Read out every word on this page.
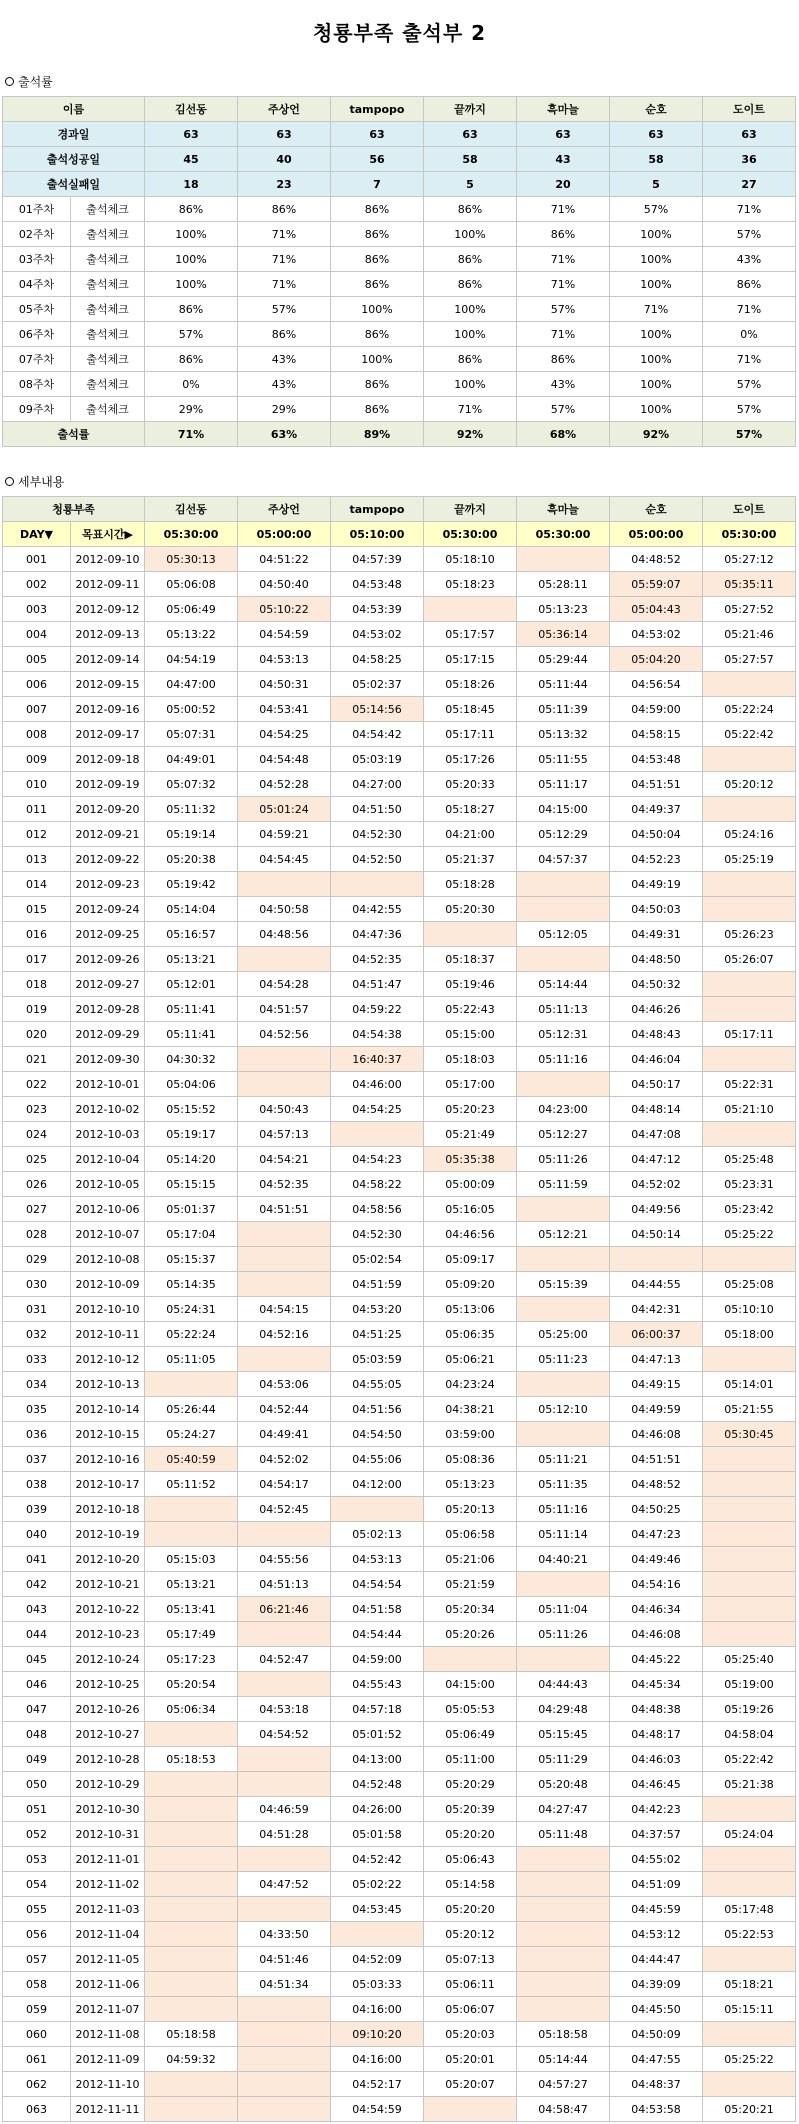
청룡부족 출석부 2
출석률
이름		김선동	주상언	tampopo	끝까지	흑마늘	순호	도이트
경과일		63	63	63	63	63	63	63
출석성공일		45	40	56	58	43	58	36
출석실패일		18	23	7	5	20	5	27
01주차	출석체크	86%	86%	86%	86%	71%	57%	71%
02주차	출석체크	100%	71%	86%	100%	86%	100%	57%
03주차	출석체크	100%	71%	86%	86%	71%	100%	43%
04주차	출석체크	100%	71%	86%	86%	71%	100%	86%
05주차	출석체크	86%	57%	100%	100%	57%	71%	71%
06주차	출석체크	57%	86%	86%	100%	71%	100%	0%
07주차	출석체크	86%	43%	100%	86%	86%	100%	71%
08주차	출석체크	0%	43%	86%	100%	43%	100%	57%
09주차	출석체크	29%	29%	86%	71%	57%	100%	57%
출석률		71%	63%	89%	92%	68%	92%	57%
세부내용
청룡부족		김선동	주상언	tampopo	끝까지	흑마늘	순호	도이트
DAY▼	목표시간▶	05:30:00	05:00:00	05:10:00	05:30:00	05:30:00	05:00:00	05:30:00
001	2012-09-10	05:30:13	04:51:22	04:57:39	05:18:10		04:48:52	05:27:12
002	2012-09-11	05:06:08	04:50:40	04:53:48	05:18:23	05:28:11	05:59:07	05:35:11
003	2012-09-12	05:06:49	05:10:22	04:53:39		05:13:23	05:04:43	05:27:52
004	2012-09-13	05:13:22	04:54:59	04:53:02	05:17:57	05:36:14	04:53:02	05:21:46
005	2012-09-14	04:54:19	04:53:13	04:58:25	05:17:15	05:29:44	05:04:20	05:27:57
006	2012-09-15	04:47:00	04:50:31	05:02:37	05:18:26	05:11:44	04:56:54	
007	2012-09-16	05:00:52	04:53:41	05:14:56	05:18:45	05:11:39	04:59:00	05:22:24
008	2012-09-17	05:07:31	04:54:25	04:54:42	05:17:11	05:13:32	04:58:15	05:22:42
009	2012-09-18	04:49:01	04:54:48	05:03:19	05:17:26	05:11:55	04:53:48	
010	2012-09-19	05:07:32	04:52:28	04:27:00	05:20:33	05:11:17	04:51:51	05:20:12
011	2012-09-20	05:11:32	05:01:24	04:51:50	05:18:27	04:15:00	04:49:37	
012	2012-09-21	05:19:14	04:59:21	04:52:30	04:21:00	05:12:29	04:50:04	05:24:16
013	2012-09-22	05:20:38	04:54:45	04:52:50	05:21:37	04:57:37	04:52:23	05:25:19
014	2012-09-23	05:19:42			05:18:28		04:49:19	
015	2012-09-24	05:14:04	04:50:58	04:42:55	05:20:30		04:50:03	
016	2012-09-25	05:16:57	04:48:56	04:47:36		05:12:05	04:49:31	05:26:23
017	2012-09-26	05:13:21		04:52:35	05:18:37		04:48:50	05:26:07
018	2012-09-27	05:12:01	04:54:28	04:51:47	05:19:46	05:14:44	04:50:32	
019	2012-09-28	05:11:41	04:51:57	04:59:22	05:22:43	05:11:13	04:46:26	
020	2012-09-29	05:11:41	04:52:56	04:54:38	05:15:00	05:12:31	04:48:43	05:17:11
021	2012-09-30	04:30:32		16:40:37	05:18:03	05:11:16	04:46:04	
022	2012-10-01	05:04:06		04:46:00	05:17:00		04:50:17	05:22:31
023	2012-10-02	05:15:52	04:50:43	04:54:25	05:20:23	04:23:00	04:48:14	05:21:10
024	2012-10-03	05:19:17	04:57:13		05:21:49	05:12:27	04:47:08	
025	2012-10-04	05:14:20	04:54:21	04:54:23	05:35:38	05:11:26	04:47:12	05:25:48
026	2012-10-05	05:15:15	04:52:35	04:58:22	05:00:09	05:11:59	04:52:02	05:23:31
027	2012-10-06	05:01:37	04:51:51	04:58:56	05:16:05		04:49:56	05:23:42
028	2012-10-07	05:17:04		04:52:30	04:46:56	05:12:21	04:50:14	05:25:22
029	2012-10-08	05:15:37		05:02:54	05:09:17			
030	2012-10-09	05:14:35		04:51:59	05:09:20	05:15:39	04:44:55	05:25:08
031	2012-10-10	05:24:31	04:54:15	04:53:20	05:13:06		04:42:31	05:10:10
032	2012-10-11	05:22:24	04:52:16	04:51:25	05:06:35	05:25:00	06:00:37	05:18:00
033	2012-10-12	05:11:05		05:03:59	05:06:21	05:11:23	04:47:13	
034	2012-10-13		04:53:06	04:55:05	04:23:24		04:49:15	05:14:01
035	2012-10-14	05:26:44	04:52:44	04:51:56	04:38:21	05:12:10	04:49:59	05:21:55
036	2012-10-15	05:24:27	04:49:41	04:54:50	03:59:00		04:46:08	05:30:45
037	2012-10-16	05:40:59	04:52:02	04:55:06	05:08:36	05:11:21	04:51:51	
038	2012-10-17	05:11:52	04:54:17	04:12:00	05:13:23	05:11:35	04:48:52	
039	2012-10-18		04:52:45		05:20:13	05:11:16	04:50:25	
040	2012-10-19			05:02:13	05:06:58	05:11:14	04:47:23	
041	2012-10-20	05:15:03	04:55:56	04:53:13	05:21:06	04:40:21	04:49:46	
042	2012-10-21	05:13:21	04:51:13	04:54:54	05:21:59		04:54:16	
043	2012-10-22	05:13:41	06:21:46	04:51:58	05:20:34	05:11:04	04:46:34	
044	2012-10-23	05:17:49		04:54:44	05:20:26	05:11:26	04:46:08	
045	2012-10-24	05:17:23	04:52:47	04:59:00			04:45:22	05:25:40
046	2012-10-25	05:20:54		04:55:43	04:15:00	04:44:43	04:45:34	05:19:00
047	2012-10-26	05:06:34	04:53:18	04:57:18	05:05:53	04:29:48	04:48:38	05:19:26
048	2012-10-27		04:54:52	05:01:52	05:06:49	05:15:45	04:48:17	04:58:04
049	2012-10-28	05:18:53		04:13:00	05:11:00	05:11:29	04:46:03	05:22:42
050	2012-10-29			04:52:48	05:20:29	05:20:48	04:46:45	05:21:38
051	2012-10-30		04:46:59	04:26:00	05:20:39	04:27:47	04:42:23	
052	2012-10-31		04:51:28	05:01:58	05:20:20	05:11:48	04:37:57	05:24:04
053	2012-11-01			04:52:42	05:06:43		04:55:02	
054	2012-11-02		04:47:52	05:02:22	05:14:58		04:51:09	
055	2012-11-03			04:53:45	05:20:20		04:45:59	05:17:48
056	2012-11-04		04:33:50		05:20:12		04:53:12	05:22:53
057	2012-11-05		04:51:46	04:52:09	05:07:13		04:44:47	
058	2012-11-06		04:51:34	05:03:33	05:06:11		04:39:09	05:18:21
059	2012-11-07			04:16:00	05:06:07		04:45:50	05:15:11
060	2012-11-08	05:18:58		09:10:20	05:20:03	05:18:58	04:50:09	
061	2012-11-09	04:59:32		04:16:00	05:20:01	05:14:44	04:47:55	05:25:22
062	2012-11-10			04:52:17	05:20:07	04:57:27	04:48:37	
063	2012-11-11			04:54:59		04:58:47	04:53:58	05:20:21
